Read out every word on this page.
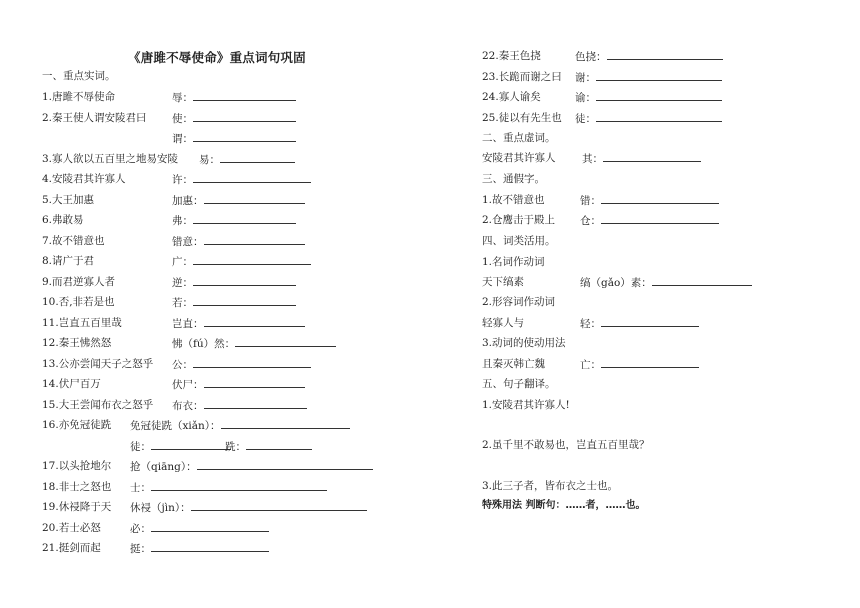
《唐雎不辱使命》重点词句巩固
一、重点实词。
1.唐雎不辱使命	辱：
2.秦王使人谓安陵君曰 使：
谓：
3.寡人欲以五百里之地易安陵 易：
4.安陵君其许寡人	许：
5.大王加惠	加惠：
6.弗敢易	弗：
7.故不错意也	错意：
8.请广于君	广：
9.而君逆寡人者	逆：
10.否,非若是也	若：
11.岂直五百里哉	岂直：
12.秦王怫然怒	怫（fú）然：
13.公亦尝闻天子之怒乎 公：
14.伏尸百万	伏尸：
15.大王尝闻布衣之怒乎 布衣：
16.亦免冠徒跣 免冠徒跣（xiǎn）：
徒：	跣：
17.以头抢地尔 抢（qiāng）：
18.非士之怒也 士：
19.休祲降于天 休祲（jìn）：
20.若士必怒	必：
21.挺剑而起	挺：
22.秦王色挠	色挠：
23.长跪而谢之曰 谢：
24.寡人谕矣	谕：
25.徒以有先生也 徒：
二、重点虚词。
安陵君其许寡人	其：
三、通假字。
1.故不错意也	错：
2.仓鹰击于殿上 仓：
四、词类活用。
1.名词作动词
天下缟素	缟（gǎo）素：
2.形容词作动词
轻寡人与	轻：
3.动词的使动用法
且秦灭韩亡魏	亡：
五、句子翻译。
1.安陵君其许寡人!
2.虽千里不敢易也，岂直五百里哉？
3.此三子者，皆布衣之士也。
特殊用法 判断句：……者，……也。
